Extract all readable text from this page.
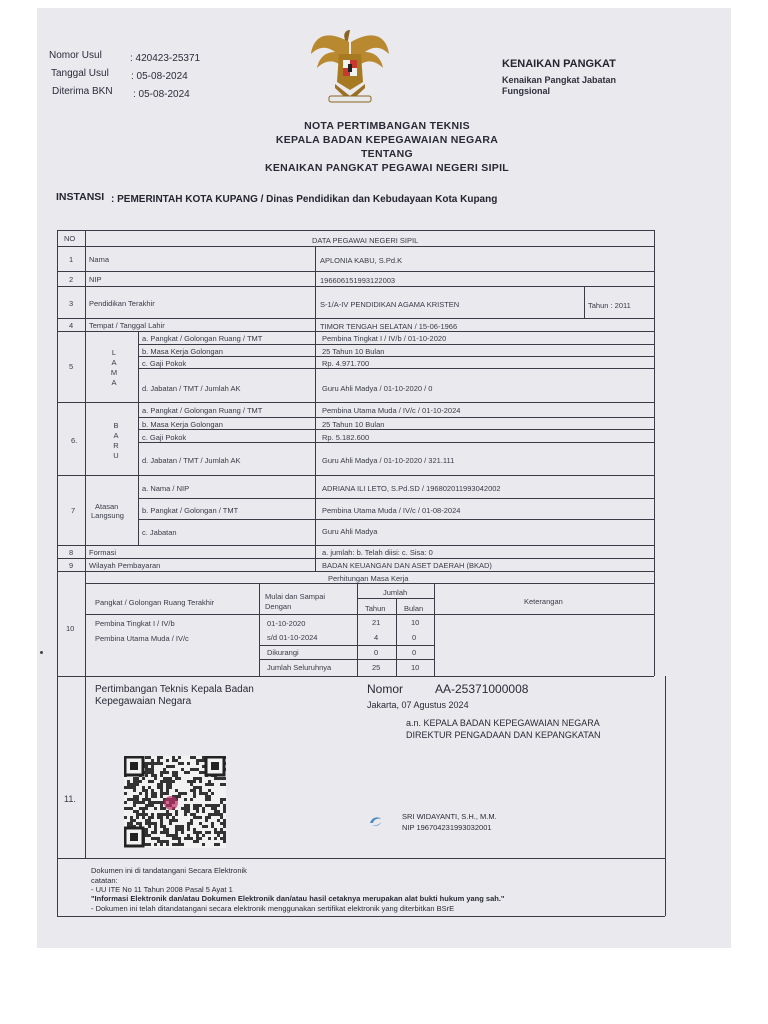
Nomor Usul	: 420423-25371
Tanggal Usul : 05-08-2024
Diterima BKN : 05-08-2024
KENAIKAN PANGKAT
Kenaikan Pangkat Jabatan
Fungsional
NOTA PERTIMBANGAN TEKNIS
KEPALA BADAN KEPEGAWAIAN NEGARA
TENTANG
KENAIKAN PANGKAT PEGAWAI NEGERI SIPIL
INSTANSI : PEMERINTAH KOTA KUPANG / Dinas Pendidikan dan Kebudayaan Kota Kupang
NO	DATA PEGAWAI NEGERI SIPIL
1 Nama	APLONIA KABU, S.Pd.K
2 NIP	196606151993122003
3 Pendidikan Terakhir	S-1/A-IV PENDIDIKAN AGAMA KRISTEN	Tahun : 2011
4 Tempat / Tanggal Lahir	TIMOR TENGAH SELATAN / 15-06-1966
5
L
A
M
A
a. Pangkat / Golongan Ruang / TMT	Pembina Tingkat I / IV/b / 01-10-2020
b. Masa Kerja Golongan	25 Tahun 10 Bulan
c. Gaji Pokok	Rp. 4.971.700
d. Jabatan / TMT / Jumlah AK	Guru Ahli Madya / 01-10-2020 / 0
6.
B
A
R
U
a. Pangkat / Golongan Ruang / TMT	Pembina Utama Muda / IV/c / 01-10-2024
b. Masa Kerja Golongan	25 Tahun 10 Bulan
c. Gaji Pokok	Rp. 5.182.600
d. Jabatan / TMT / Jumlah AK	Guru Ahli Madya / 01-10-2020 / 321.111
7	Atasan
Langsung
a. Nama / NIP	ADRIANA ILI LETO, S.Pd.SD / 196802011993042002
b. Pangkat / Golongan / TMT	Pembina Utama Muda / IV/c / 01-08-2024
c. Jabatan	Guru Ahli Madya
8 Formasi	a. jumlah: b. Telah diisi: c. Sisa: 0
9 Wilayah Pembayaran	BADAN KEUANGAN DAN ASET DAERAH (BKAD)
10
Perhitungan Masa Kerja
Pangkat / Golongan Ruang Terakhir
Mulai dan Sampai
Dengan
Jumlah
Tahun Bulan
Keterangan
Pembina Tingkat I / IV/b	01-10-2020	21	10
Pembina Utama Muda / IV/c	s/d 01-10-2024	4	0
Dikurangi	0	0
Jumlah Seluruhnya	25	10
11.
Pertimbangan Teknis Kepala Badan
Kepegawaian Negara
Nomor	AA-25371000008
Jakarta, 07 Agustus 2024
a.n. KEPALA BADAN KEPEGAWAIAN NEGARA
DIREKTUR PENGADAAN DAN KEPANGKATAN
SRI WIDAYANTI, S.H., M.M.
NIP 196704231993032001
Dokumen ini di tandatangani Secara Elektronik
catatan:
- UU ITE No 11 Tahun 2008 Pasal 5 Ayat 1
"Informasi Elektronik dan/atau Dokumen Elektronik dan/atau hasil cetaknya merupakan alat bukti hukum yang sah."
- Dokumen ini telah ditandatangani secara elektronik menggunakan sertifikat elektronik yang diterbitkan BSrE
